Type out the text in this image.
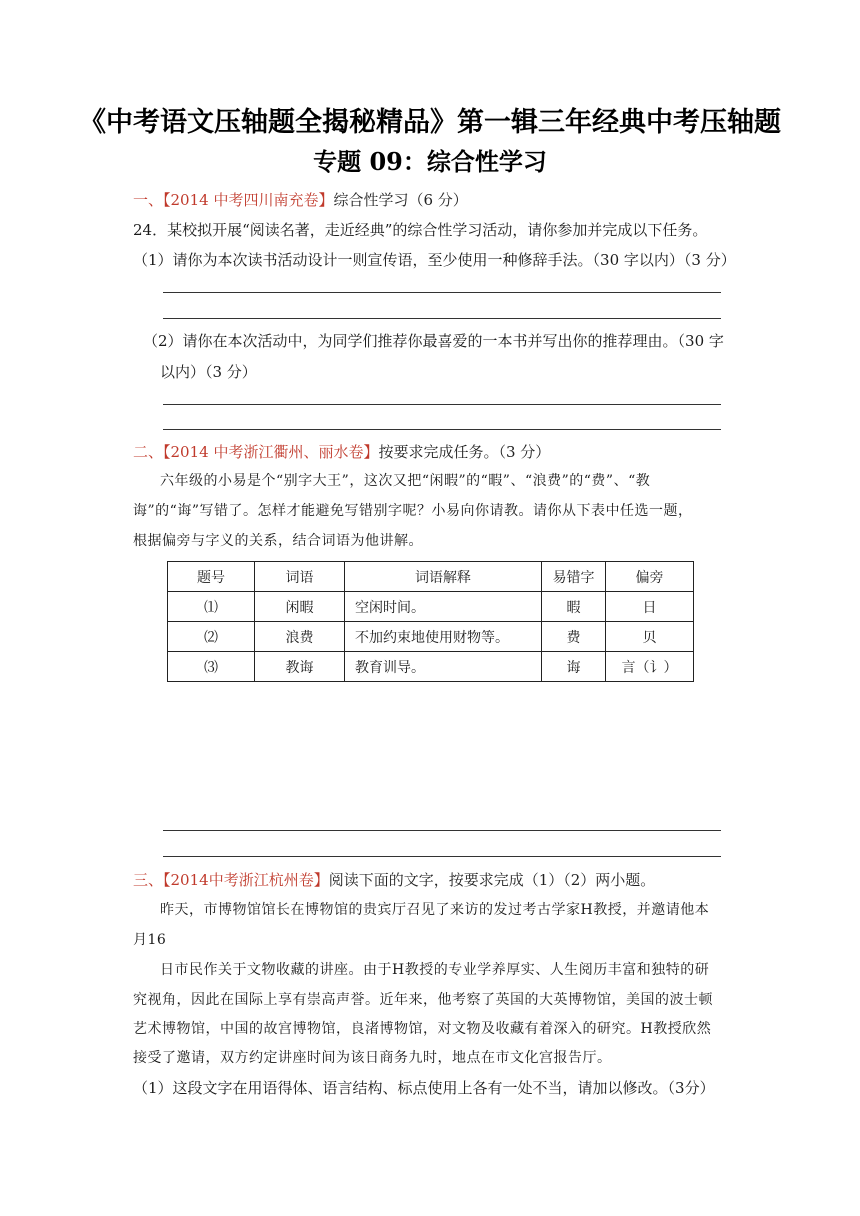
《中考语文压轴题全揭秘精品》第一辑三年经典中考压轴题
专题 09：综合性学习
一、【2014 中考四川南充卷】综合性学习（6 分）
24．某校拟开展“阅读名著，走近经典”的综合性学习活动，请你参加并完成以下任务。
（1）请你为本次读书活动设计一则宣传语，至少使用一种修辞手法。（30 字以内）（3 分）
（2）请你在本次活动中，为同学们推荐你最喜爱的一本书并写出你的推荐理由。（30 字
以内）（3 分）
二、【2014 中考浙江衢州、丽水卷】按要求完成任务。（3 分）
六年级的小易是个“别字大王”，这次又把“闲暇”的“暇”、“浪费”的“费”、“教
诲”的“诲”写错了。怎样才能避免写错别字呢？小易向你请教。请你从下表中任选一题，
根据偏旁与字义的关系，结合词语为他讲解。
题号	词语	词语解释	易错字	偏旁
⑴	闲暇	空闲时间。	暇	日
⑵	浪费	不加约束地使用财物等。	费	贝
⑶	教诲	教育训导。	诲	言（讠）
三、【2014中考浙江杭州卷】阅读下面的文字，按要求完成（1）（2）两小题。
昨天，市博物馆馆长在博物馆的贵宾厅召见了来访的发过考古学家H教授，并邀请他本
月16
日市民作关于文物收藏的讲座。由于H教授的专业学养厚实、人生阅历丰富和独特的研
究视角，因此在国际上享有崇高声誉。近年来，他考察了英国的大英博物馆，美国的波士顿
艺术博物馆，中国的故宫博物馆，良渚博物馆，对文物及收藏有着深入的研究。H教授欣然
接受了邀请，双方约定讲座时间为该日商务九时，地点在市文化宫报告厅。
（1）这段文字在用语得体、语言结构、标点使用上各有一处不当，请加以修改。（3分）
